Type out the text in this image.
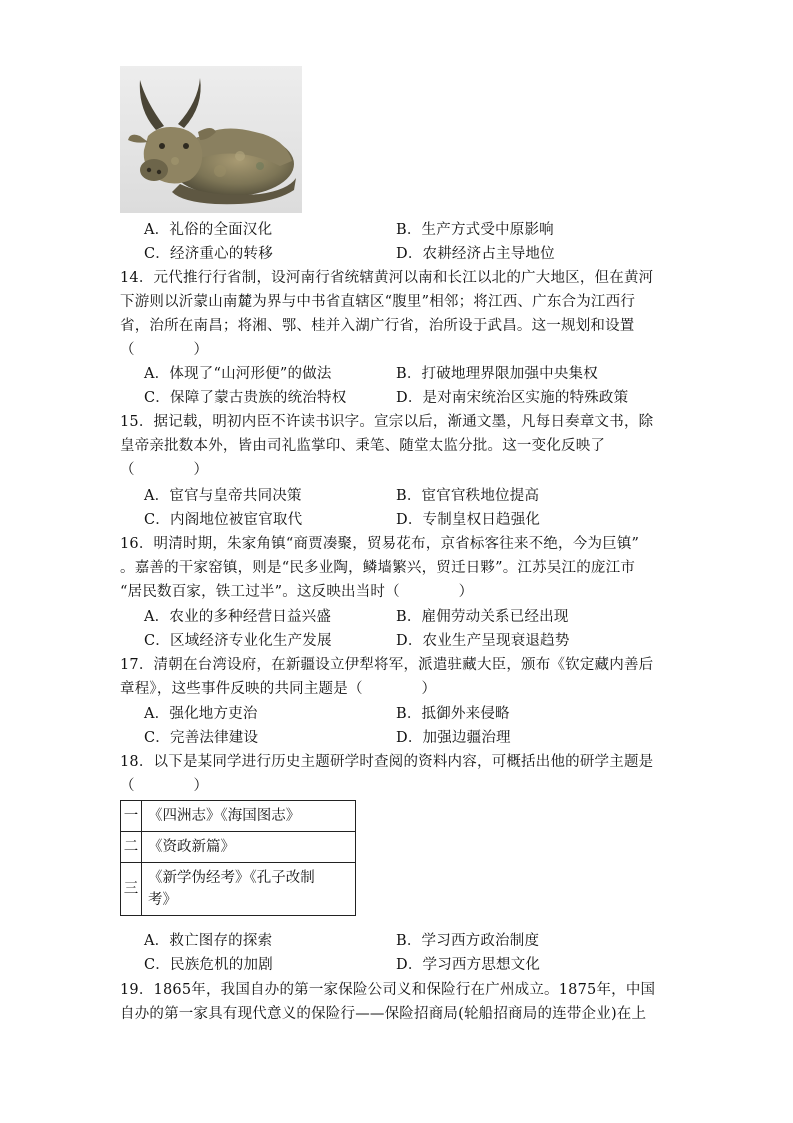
A．礼俗的全面汉化	B．生产方式受中原影响
C．经济重心的转移	D．农耕经济占主导地位
14．元代推行行省制，设河南行省统辖黄河以南和长江以北的广大地区，但在黄河
下游则以沂蒙山南麓为界与中书省直辖区“腹里”相邻；将江西、广东合为江西行
省，治所在南昌；将湘、鄂、桂并入湖广行省，治所设于武昌。这一规划和设置
（　　　　）
A．体现了“山河形便”的做法	B．打破地理界限加强中央集权
C．保障了蒙古贵族的统治特权	D．是对南宋统治区实施的特殊政策
15．据记载，明初内臣不许读书识字。宣宗以后，渐通文墨，凡每日奏章文书，除
皇帝亲批数本外，皆由司礼监掌印、秉笔、随堂太监分批。这一变化反映了
（　　　　）
A．宦官与皇帝共同决策	B．宦官官秩地位提高
C．内阁地位被宦官取代	D．专制皇权日趋强化
16．明清时期，朱家角镇“商贾凑聚，贸易花布，京省标客往来不绝，今为巨镇”
。嘉善的干家窑镇，则是“民多业陶，鳞墙繁兴，贸迁日夥”。江苏吴江的庞江市
“居民数百家，铁工过半”。这反映出当时（　　　　）
A．农业的多种经营日益兴盛	B．雇佣劳动关系已经出现
C．区域经济专业化生产发展	D．农业生产呈现衰退趋势
17．清朝在台湾设府，在新疆设立伊犁将军，派遣驻藏大臣，颁布《钦定藏内善后
章程》，这些事件反映的共同主题是（　　　　）
A．强化地方吏治	B．抵御外来侵略
C．完善法律建设	D．加强边疆治理
18．以下是某同学进行历史主题研学时查阅的资料内容，可概括出他的研学主题是
（　　　　）
一	《四洲志》《海国图志》
二	《资政新篇》
三	《新学伪经考》《孔子改制
考》
A．救亡图存的探索	B．学习西方政治制度
C．民族危机的加剧	D．学习西方思想文化
19．1865年，我国自办的第一家保险公司义和保险行在广州成立。1875年，中国
自办的第一家具有现代意义的保险行——保险招商局(轮船招商局的连带企业)在上
